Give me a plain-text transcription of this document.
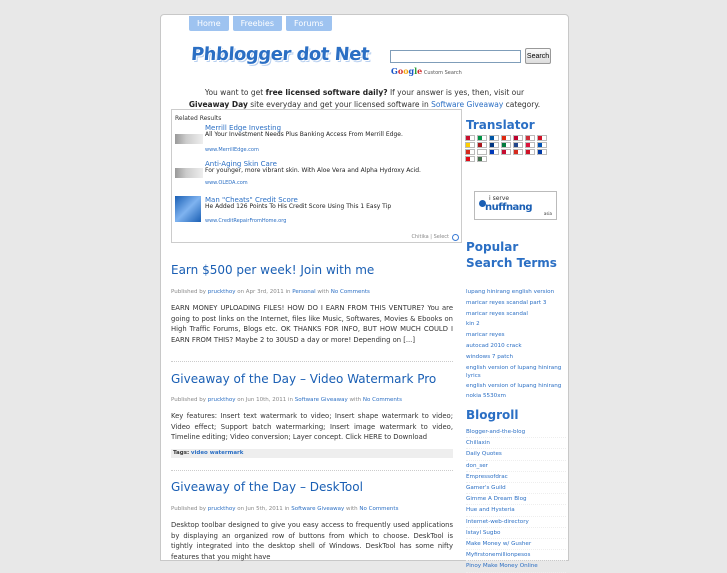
Home	Freebies	Forums
Phblogger dot Net	Search
Google Custom Search
You want to get free licensed software daily? If your answer is yes, then, visit our
Giveaway Day site everyday and get your licensed software in Software Giveaway category.
Related Results
Merrill Edge Investing
All Your Investment Needs Plus Banking Access From Merrill Edge.
www.MerrillEdge.com
Anti-Aging Skin Care
For younger, more vibrant skin. With Aloe Vera and Alpha Hydroxy Acid.
www.OLEDA.com
Man "Cheats" Credit Score
He Added 126 Points To His Credit Score Using This 1 Easy Tip
www.CreditRepairFromHome.org
Chitika | Select
Earn $500 per week! Join with me
Published by pruckthoy on Apr 3rd, 2011 in Personal with No Comments
EARN MONEY UPLOADING FILES! HOW DO I EARN FROM THIS VENTURE? You are going to post links on the Internet, files like Music, Softwares, Movies & Ebooks on High Traffic Forums, Blogs etc. OK THANKS FOR INFO, BUT HOW MUCH COULD I EARN FROM THIS? Maybe 2 to 30USD a day or more! Depending on [...]
Giveaway of the Day – Video Watermark Pro
Published by pruckthoy on Jun 10th, 2011 in Software Giveaway with No Comments
Key features: Insert text watermark to video; Insert shape watermark to video; Video effect; Support batch watermarking; Insert image watermark to video, Timeline editing; Video conversion; Layer concept. Click HERE to Download
Tags: video watermark
Giveaway of the Day – DeskTool
Published by pruckthoy on Jun 5th, 2011 in Software Giveaway with No Comments
Desktop toolbar designed to give you easy access to frequently used applications by displaying an organized row of buttons from which to choose. DeskTool is tightly integrated into the desktop shell of Windows. DeskTool has some nifty features that you might have
Translator
i serve
nuffnang
asia
Popular Search Terms
lupang hinirang english version
maricar reyes scandal part 3
maricar reyes scandal
kin 2
maricar reyes
autocad 2010 crack
windows 7 patch
english version of lupang hinirang lyrics
english version of lupang hinirang
nokia 5530xm
Blogroll
Blogger-and-the-blog
Chillaxin
Daily Quotes
don_ser
Empressofdrac
Gamer's Guild
Gimme A Dream Blog
Hue and Hysteria
Internet-web-directory
Istayl Sugbo
Make Money w/ Gusher
Myfirstonemillionpesos
Pinoy Make Money Online
